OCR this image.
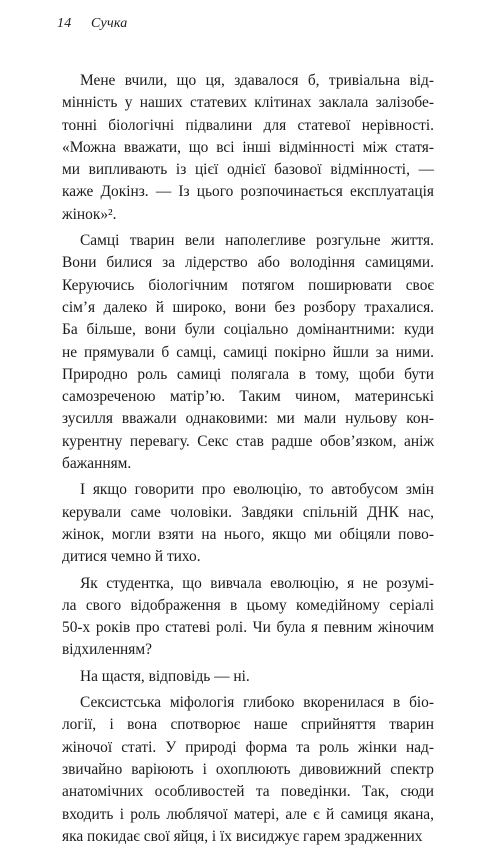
14 Сучка
Мене вчили, що ця, здавалося б, тривіальна від-
мінність у наших статевих клітинах заклала залізобе-
тонні біологічні підвалини для статевої нерівності.
«Можна вважати, що всі інші відмінності між статя-
ми випливають із цієї однієї базової відмінності, —
каже Докінз. — Із цього розпочинається експлуатація
жінок»².
Самці тварин вели наполегливе розгульне життя.
Вони билися за лідерство або володіння самицями.
Керуючись біологічним потягом поширювати своє
сім’я далеко й широко, вони без розбору трахалися.
Ба більше, вони були соціально домінантними: куди
не прямували б самці, самиці покірно йшли за ними.
Природно роль самиці полягала в тому, щоби бути
самозреченою матір’ю. Таким чином, материнські
зусилля вважали однаковими: ми мали нульову кон-
курентну перевагу. Секс став радше обов’язком, аніж
бажанням.
І якщо говорити про еволюцію, то автобусом змін
керували саме чоловіки. Завдяки спільній ДНК нас,
жінок, могли взяти на нього, якщо ми обіцяли пово-
дитися чемно й тихо.
Як студентка, що вивчала еволюцію, я не розумі-
ла свого відображення в цьому комедійному серіалі
50-х років про статеві ролі. Чи була я певним жіночим
відхиленням?
На щастя, відповідь — ні.
Сексистська міфологія глибоко вкоренилася в біо-
логії, і вона спотворює наше сприйняття тварин
жіночої статі. У природі форма та роль жінки над-
звичайно варіюють і охоплюють дивовижний спектр
анатомічних особливостей та поведінки. Так, сюди
входить і роль люблячої матері, але є й самиця якана,
яка покидає свої яйця, і їх висиджує гарем зрадженних
